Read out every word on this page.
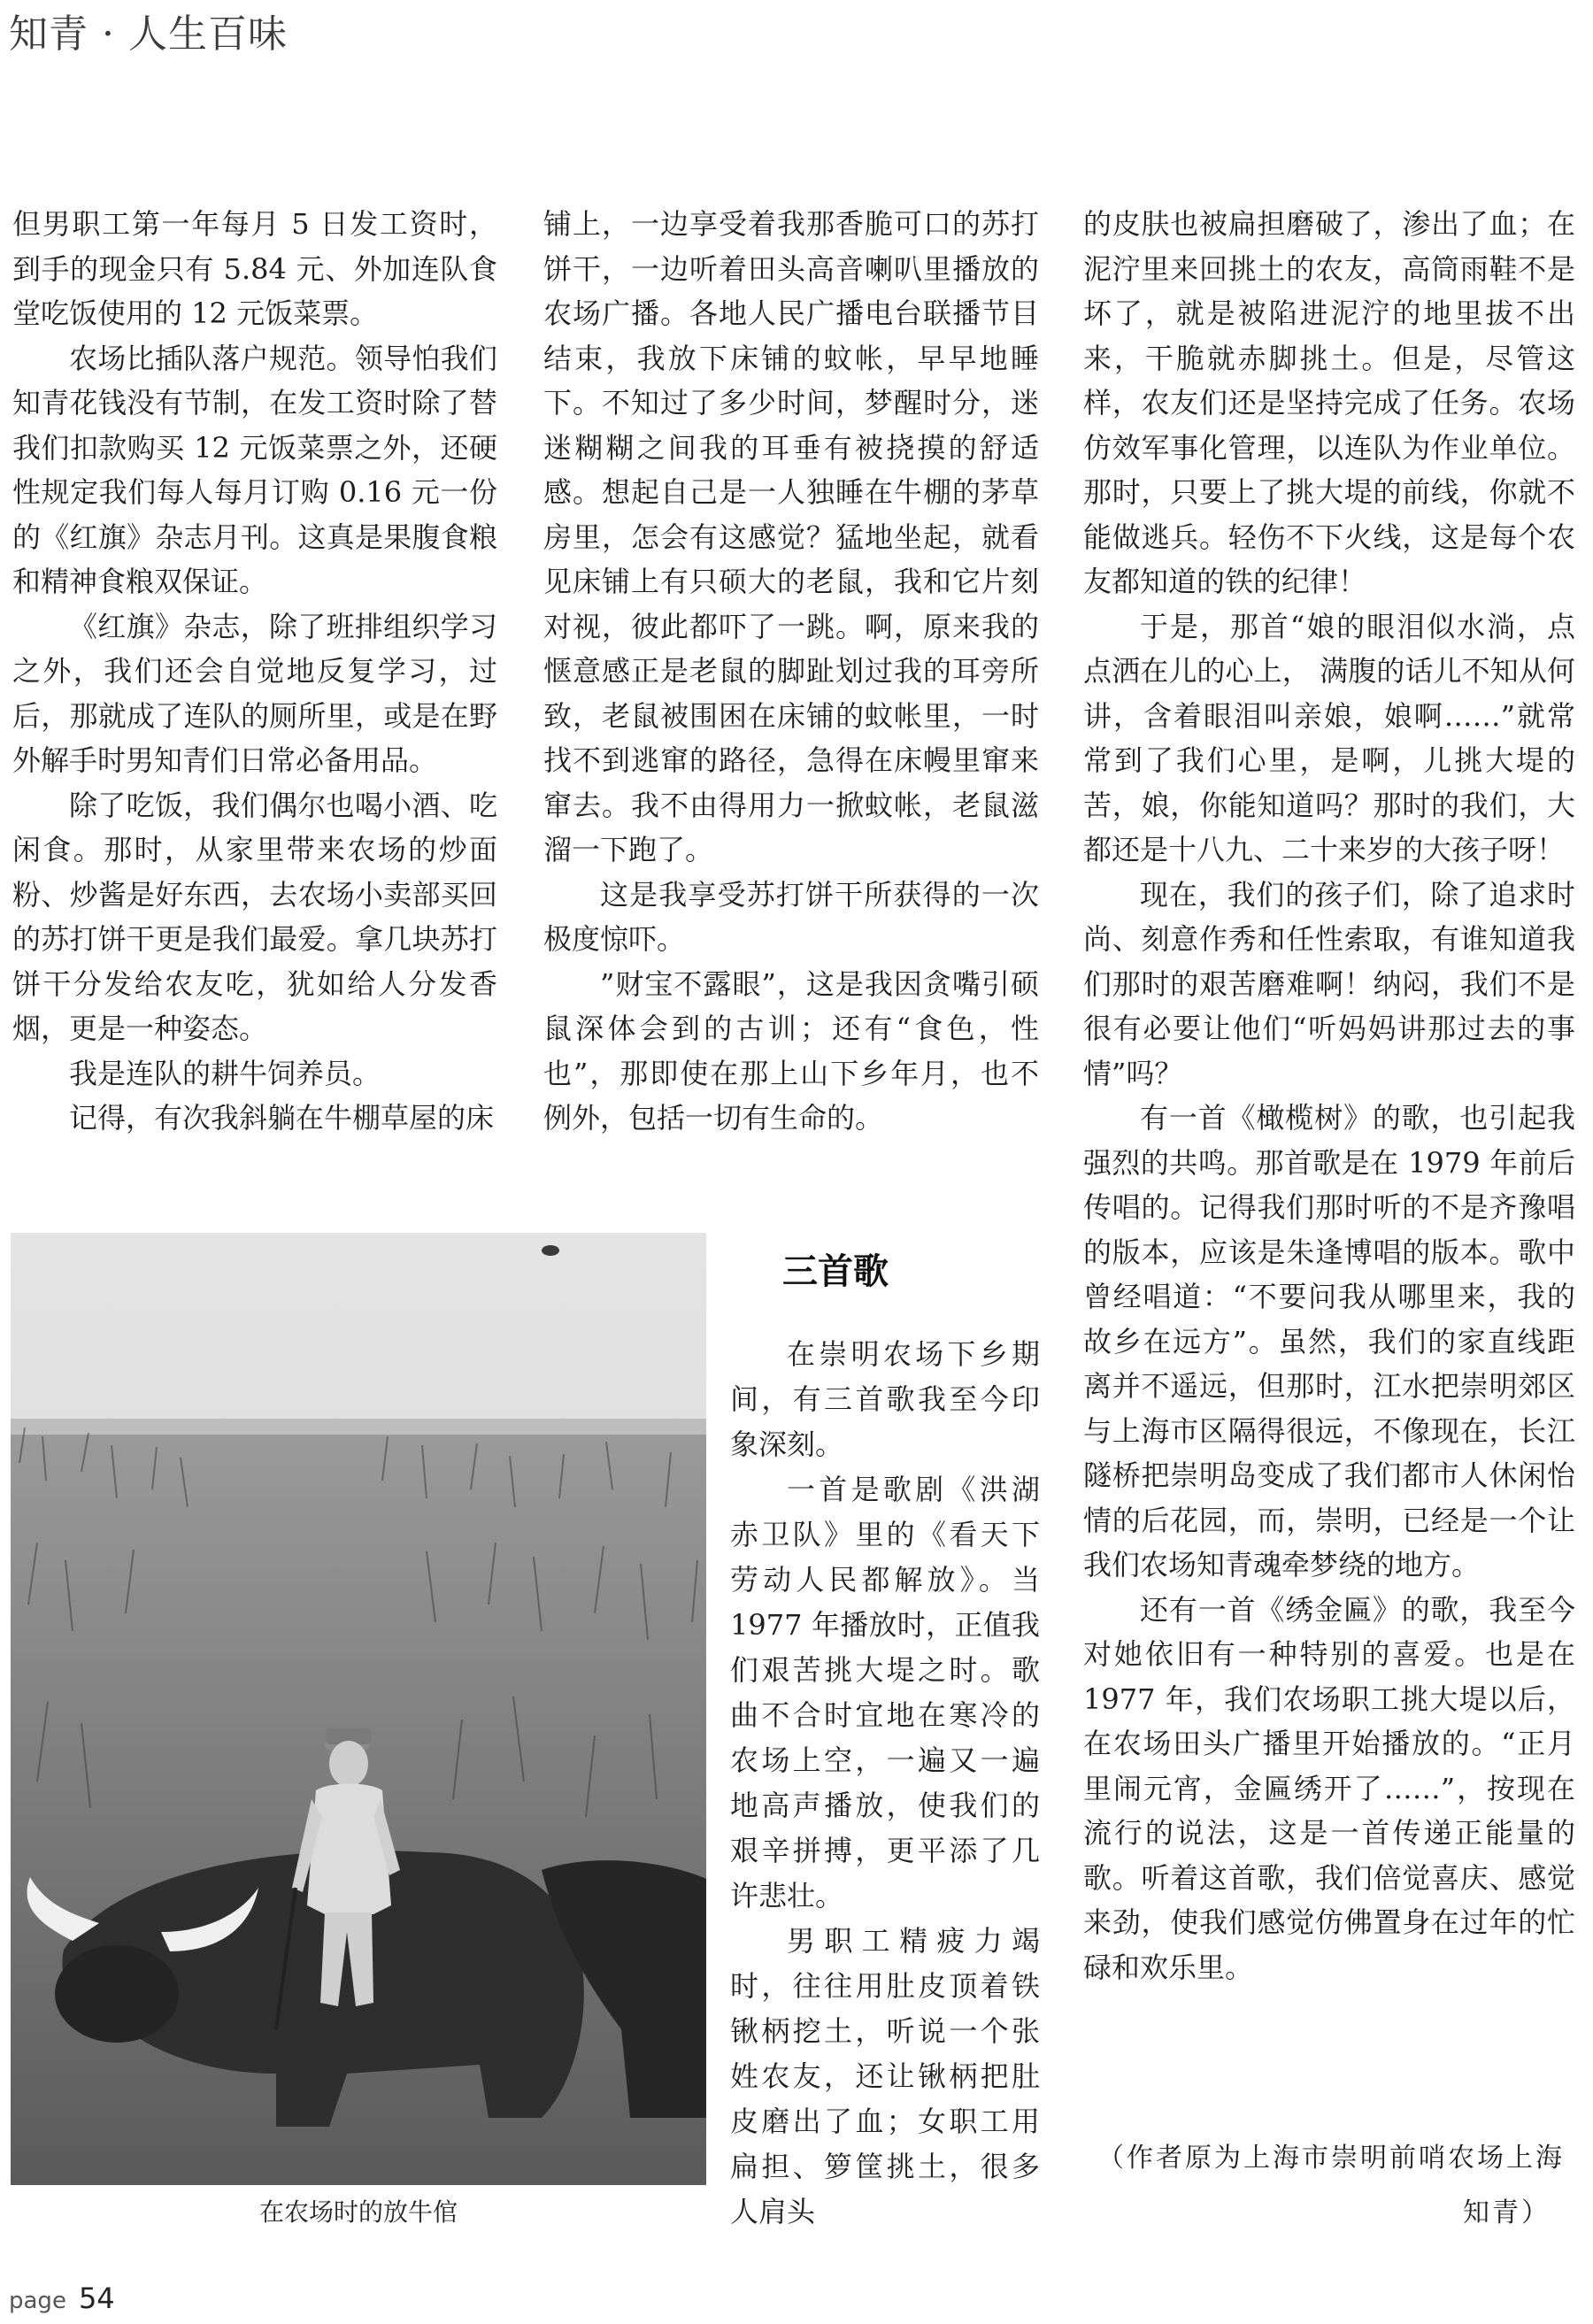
知青 · 人生百味

但男职工第一年每月 5 日发工资时，到手的现金只有 5.84 元、外加连队食堂吃饭使用的 12 元饭菜票。

农场比插队落户规范。领导怕我们知青花钱没有节制，在发工资时除了替我们扣款购买 12 元饭菜票之外，还硬性规定我们每人每月订购 0.16 元一份的《红旗》杂志月刊。这真是果腹食粮和精神食粮双保证。

《红旗》杂志，除了班排组织学习之外，我们还会自觉地反复学习，过后，那就成了连队的厕所里，或是在野外解手时男知青们日常必备用品。

除了吃饭，我们偶尔也喝小酒、吃闲食。那时，从家里带来农场的炒面粉、炒酱是好东西，去农场小卖部买回的苏打饼干更是我们最爱。拿几块苏打饼干分发给农友吃，犹如给人分发香烟，更是一种姿态。

我是连队的耕牛饲养员。

记得，有次我斜躺在牛棚草屋的床

铺上，一边享受着我那香脆可口的苏打饼干，一边听着田头高音喇叭里播放的农场广播。各地人民广播电台联播节目结束，我放下床铺的蚊帐，早早地睡下。不知过了多少时间，梦醒时分，迷迷糊糊之间我的耳垂有被挠摸的舒适感。想起自己是一人独睡在牛棚的茅草房里，怎会有这感觉？猛地坐起，就看见床铺上有只硕大的老鼠，我和它片刻对视，彼此都吓了一跳。啊，原来我的惬意感正是老鼠的脚趾划过我的耳旁所致，老鼠被围困在床铺的蚊帐里，一时找不到逃窜的路径，急得在床幔里窜来窜去。我不由得用力一掀蚊帐，老鼠滋溜一下跑了。

这是我享受苏打饼干所获得的一次极度惊吓。

”财宝不露眼”，这是我因贪嘴引硕鼠深体会到的古训；还有“食色，性也”，那即使在那上山下乡年月，也不例外，包括一切有生命的。

三首歌

在崇明农场下乡期间，有三首歌我至今印象深刻。

一首是歌剧《洪湖赤卫队》里的《看天下劳动人民都解放》。当 1977 年播放时，正值我们艰苦挑大堤之时。歌曲不合时宜地在寒冷的农场上空，一遍又一遍地高声播放，使我们的艰辛拼搏，更平添了几许悲壮。

男职工精疲力竭时，往往用肚皮顶着铁锹柄挖土，听说一个张姓农友，还让锹柄把肚皮磨出了血；女职工用扁担、箩筐挑土，很多人肩头

的皮肤也被扁担磨破了，渗出了血；在泥泞里来回挑土的农友，高筒雨鞋不是坏了，就是被陷进泥泞的地里拔不出来，干脆就赤脚挑土。但是，尽管这样，农友们还是坚持完成了任务。农场仿效军事化管理，以连队为作业单位。那时，只要上了挑大堤的前线，你就不能做逃兵。轻伤不下火线，这是每个农友都知道的铁的纪律！

于是，那首“娘的眼泪似水淌，点点洒在儿的心上， 满腹的话儿不知从何讲，含着眼泪叫亲娘，娘啊……”就常常到了我们心里，是啊，儿挑大堤的苦，娘，你能知道吗？那时的我们，大都还是十八九、二十来岁的大孩子呀！

现在，我们的孩子们，除了追求时尚、刻意作秀和任性索取，有谁知道我们那时的艰苦磨难啊！纳闷，我们不是很有必要让他们“听妈妈讲那过去的事情”吗？

有一首《橄榄树》的歌，也引起我强烈的共鸣。那首歌是在 1979 年前后传唱的。记得我们那时听的不是齐豫唱的版本，应该是朱逢博唱的版本。歌中曾经唱道：“不要问我从哪里来，我的故乡在远方”。虽然，我们的家直线距离并不遥远，但那时，江水把崇明郊区与上海市区隔得很远，不像现在，长江隧桥把崇明岛变成了我们都市人休闲怡情的后花园，而，崇明，已经是一个让我们农场知青魂牵梦绕的地方。

还有一首《绣金匾》的歌，我至今对她依旧有一种特别的喜爱。也是在 1977 年，我们农场职工挑大堤以后，在农场田头广播里开始播放的。“正月里闹元宵，金匾绣开了……”，按现在流行的说法，这是一首传递正能量的歌。听着这首歌，我们倍觉喜庆、感觉来劲，使我们感觉仿佛置身在过年的忙碌和欢乐里。

在农场时的放牛倌

（作者原为上海市崇明前哨农场上海

知青）

page 54
